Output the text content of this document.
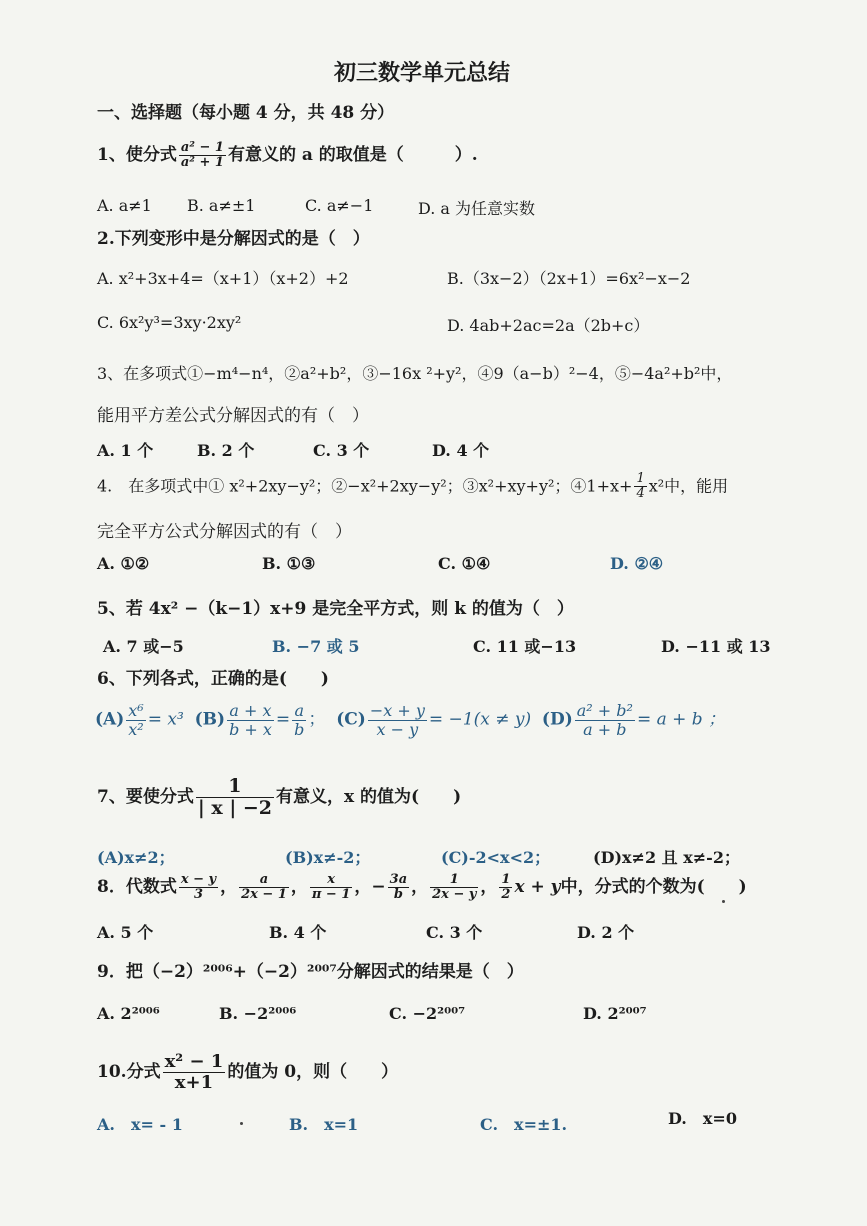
初三数学单元总结
一、选择题（每小题 4 分，共 48 分）
1、使分式 $\frac{\text{a² − 1}}{\text{a² + 1}}$ 有意义的 a 的取值是（　　　）.
A. a≠1 B. a≠±1	C. a≠−1	D. a 为任意实数
2.下列变形中是分解因式的是（　）
A. x²+3x+4=（x+1）（x+2）+2	B.（3x−2）（2x+1）=6x²−x−2
C. 6x²y³=3xy·2xy²	D. 4ab+2ac=2a（2b+c）
3、在多项式①−m⁴−n⁴，②a²+b²，③−16x ²+y²，④9（a−b）²−4，⑤−4a²+b²中，
能用平方差公式分解因式的有（　）
A. 1 个	B. 2 个	C. 3 个	D. 4 个
4.　在多项式中① x²+2xy−y²；②−x²+2xy−y²；③x²+xy+y²；④1+x+ $\frac{1}{4} x^2$中，能用
完全平方公式分解因式的有（　）
A. ①②	B. ①③	C. ①④	D. ②④
5、若 4x² −（k−1）x+9 是完全平方式，则 k 的值为（　）
A. 7 或−5	B. −7 或 5	C. 11 或−13	D. −11 或 13
6、下列各式，正确的是(　　)
$(A) \frac{\text{x⁶}}{\text{x²}} = x^3$ $(B) \frac{a + x}{b + x} = \frac{a}{b}$ ； $(C) \frac{-x + y}{x - y} = -1(x \ne y)$ $(D) \frac{\text{a² + b²}}{a + b} = a + b$ ；
7、要使分式 $\frac{1}{| x | -2}$ 有意义，x 的值为(　　)
(A)x≠2；	(B)x≠-2；	(C)-2<x<2；	(D)x≠2 且 x≠-2；
8．代数式 $\frac{x - y}{3}$ ， $\frac{a}{2x - 1}$ ， $\frac{x}{\pi - 1}$ ，− $\frac{3a}{b}$ ， $\frac{1}{2x - y}$ ， $\frac{1}{2}$ x + y中，分式的个数为(　　)
A. 5 个	B. 4 个	C. 3 个	D. 2 个
9．把（−2）²⁰⁰⁶+（−2）²⁰⁰⁷分解因式的结果是（　）
A. 2²⁰⁰⁶	B. −2²⁰⁰⁶	C. −2²⁰⁰⁷	D. 2²⁰⁰⁷
10.分式 $\frac{\text{x² − 1}}{x+1}$ 的值为 0，则（　　）
A.　x= - 1	B.　x=1	C.　x=±1.	D.　x=0
